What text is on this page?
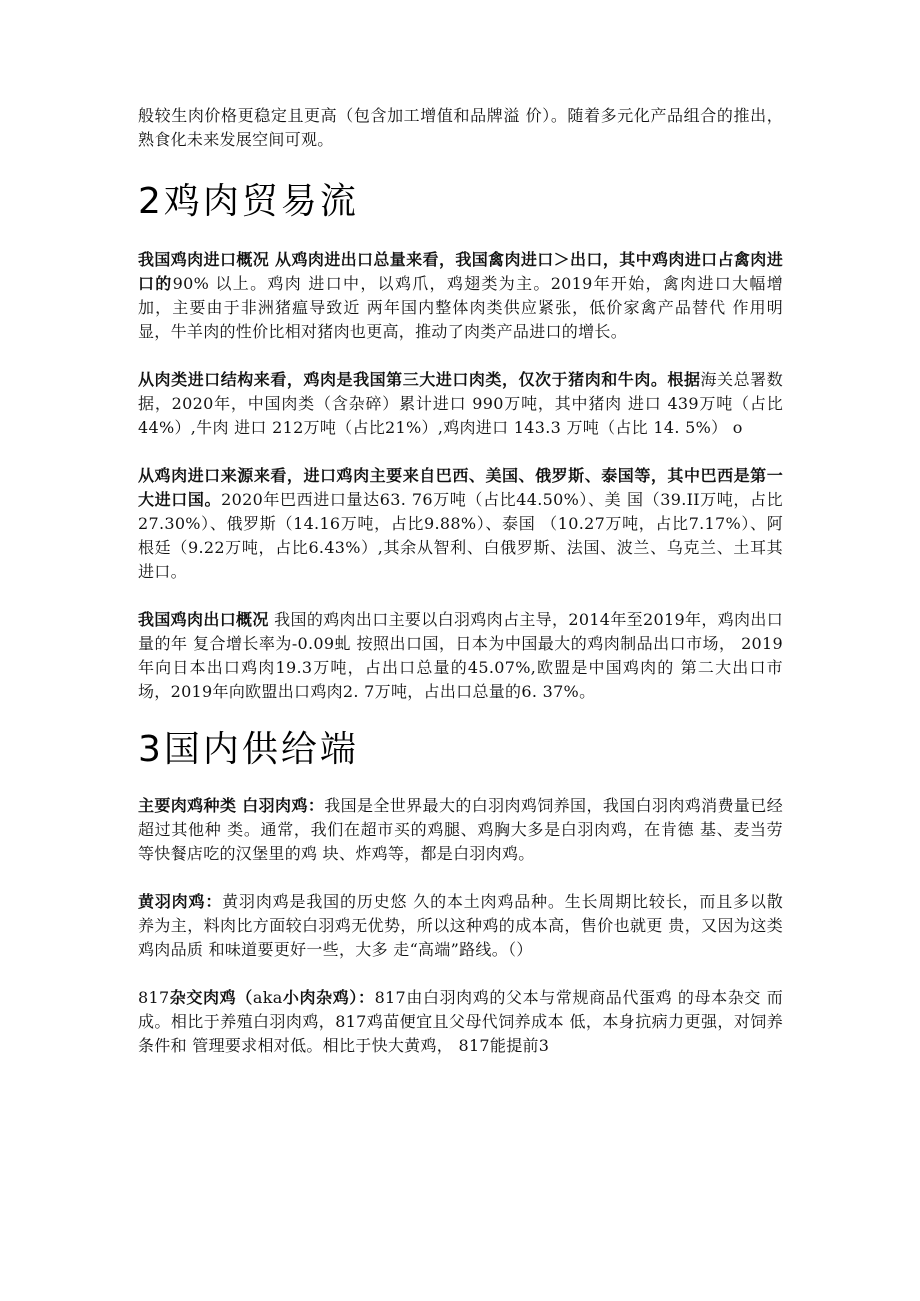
般较生肉价格更稳定且更高（包含加工增值和品牌溢 价）。随着多元化产品组合的推出，熟食化未来发展空间可观。

2鸡肉贸易流

我国鸡肉进口概况 从鸡肉进出口总量来看，我国禽肉进口＞出口，其中鸡肉进口占禽肉进口的90% 以上。鸡肉 进口中，以鸡爪，鸡翅类为主。2019年开始，禽肉进口大幅增 加，主要由于非洲猪瘟导致近 两年国内整体肉类供应紧张，低价家禽产品替代 作用明显，牛羊肉的性价比相对猪肉也更高，推动了肉类产品进口的增长。

从肉类进口结构来看，鸡肉是我国第三大进口肉类，仅次于猪肉和牛肉。根据海关总署数据，2020年，中国肉类（含杂碎）累计进口 990万吨，其中猪肉 进口 439万吨（占比44%）,牛肉 进口 212万吨（占比21%）,鸡肉进口 143.3 万吨（占比 14. 5%） o

从鸡肉进口来源来看，进口鸡肉主要来自巴西、美国、俄罗斯、泰国等，其中巴西是第一大进口国。2020年巴西进口量达63. 76万吨（占比44.50%）、美 国（39.II万吨，占比27.30%）、俄罗斯（14.16万吨，占比9.88%）、泰国 （10.27万吨，占比7.17%）、阿根廷（9.22万吨，占比6.43%）,其余从智利、白俄罗斯、法国、波兰、乌克兰、土耳其进口。

我国鸡肉出口概况 我国的鸡肉出口主要以白羽鸡肉占主导，2014年至2019年，鸡肉出口量的年 复合增长率为-0.09虬 按照出口国，日本为中国最大的鸡肉制品出口市场， 2019年向日本出口鸡肉19.3万吨，占出口总量的45.07%,欧盟是中国鸡肉的 第二大出口市场，2019年向欧盟出口鸡肉2. 7万吨，占出口总量的6. 37%。

3国内供给端

主要肉鸡种类 白羽肉鸡：我国是全世界最大的白羽肉鸡饲养国，我国白羽肉鸡消费量已经 超过其他种 类。通常，我们在超市买的鸡腿、鸡胸大多是白羽肉鸡，在肯德 基、麦当劳 等快餐店吃的汉堡里的鸡 块、炸鸡等，都是白羽肉鸡。

黄羽肉鸡：黄羽肉鸡是我国的历史悠 久的本土肉鸡品种。生长周期比较长，而且多以散 养为主，料肉比方面较白羽鸡无优势，所以这种鸡的成本高，售价也就更 贵，又因为这类鸡肉品质 和味道要更好一些，大多 走“高端”路线。（）

817杂交肉鸡（aka小肉杂鸡）：817由白羽肉鸡的父本与常规商品代蛋鸡 的母本杂交 而成。相比于养殖白羽肉鸡，817鸡苗便宜且父母代饲养成本 低，本身抗病力更强，对饲养条件和 管理要求相对低。相比于快大黄鸡， 817能提前3
